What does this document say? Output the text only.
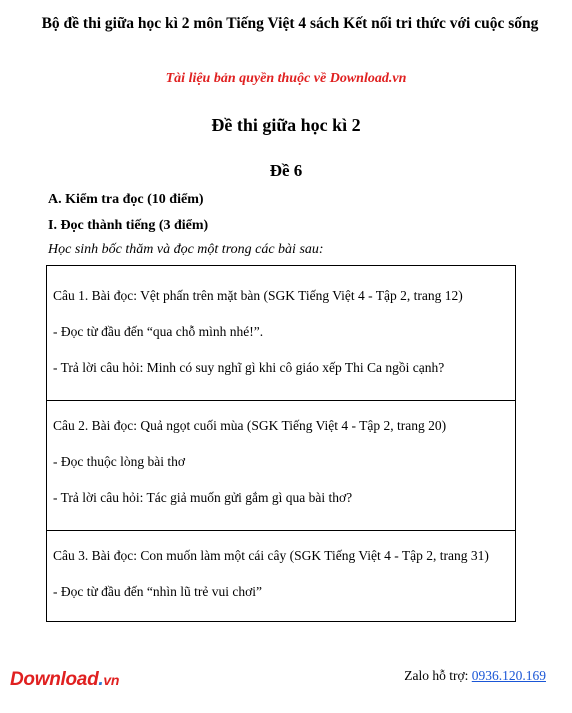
Bộ đề thi giữa học kì 2 môn Tiếng Việt 4 sách Kết nối tri thức với cuộc sống
Tài liệu bản quyền thuộc về Download.vn
Đề thi giữa học kì 2
Đề 6
A. Kiểm tra đọc (10 điểm)
I. Đọc thành tiếng (3 điểm)
Học sinh bốc thăm và đọc một trong các bài sau:
Câu 1. Bài đọc: Vệt phấn trên mặt bàn (SGK Tiếng Việt 4 - Tập 2, trang 12)
- Đọc từ đầu đến “qua chỗ mình nhé!”.
- Trả lời câu hỏi: Minh có suy nghĩ gì khi cô giáo xếp Thi Ca ngồi cạnh?
Câu 2. Bài đọc: Quả ngọt cuối mùa (SGK Tiếng Việt 4 - Tập 2, trang 20)
- Đọc thuộc lòng bài thơ
- Trả lời câu hỏi: Tác giả muốn gửi gắm gì qua bài thơ?
Câu 3. Bài đọc: Con muốn làm một cái cây (SGK Tiếng Việt 4 - Tập 2, trang 31)
- Đọc từ đầu đến “nhìn lũ trẻ vui chơi”
Download.vn	Zalo hỗ trợ: 0936.120.169
